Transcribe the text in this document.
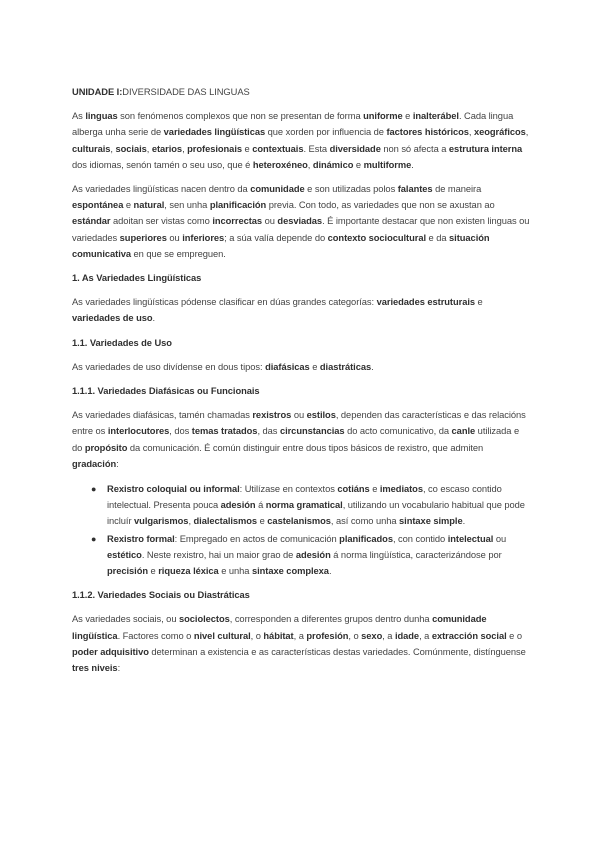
UNIDADE I:DIVERSIDADE DAS LINGUAS

As linguas son fenómenos complexos que non se presentan de forma uniforme e inalterábel. Cada lingua alberga unha serie de variedades lingüísticas que xorden por influencia de factores históricos, xeográficos, culturais, sociais, etarios, profesionais e contextuais. Esta diversidade non só afecta a estrutura interna dos idiomas, senón tamén o seu uso, que é heteroxéneo, dinámico e multiforme.

As variedades lingüísticas nacen dentro da comunidade e son utilizadas polos falantes de maneira espontánea e natural, sen unha planificación previa. Con todo, as variedades que non se axustan ao estándar adoitan ser vistas como incorrectas ou desviadas. É importante destacar que non existen linguas ou variedades superiores ou inferiores; a súa valía depende do contexto sociocultural e da situación comunicativa en que se empreguen.

1. As Variedades Lingüísticas

As variedades lingüísticas pódense clasificar en dúas grandes categorías: variedades estruturais e variedades de uso.

1.1. Variedades de Uso

As variedades de uso divídense en dous tipos: diafásicas e diastráticas.

1.1.1. Variedades Diafásicas ou Funcionais

As variedades diafásicas, tamén chamadas rexistros ou estilos, dependen das características e das relacións entre os interlocutores, dos temas tratados, das circunstancias do acto comunicativo, da canle utilizada e do propósito da comunicación. É común distinguir entre dous tipos básicos de rexistro, que admiten gradación:

● Rexistro coloquial ou informal: Utilízase en contextos cotiáns e imediatos, co escaso contido intelectual. Presenta pouca adesión á norma gramatical, utilizando un vocabulario habitual que pode incluír vulgarismos, dialectalismos e castelanismos, así como unha sintaxe simple.
● Rexistro formal: Empregado en actos de comunicación planificados, con contido intelectual ou estético. Neste rexistro, hai un maior grao de adesión á norma lingüística, caracterizándose por precisión e riqueza léxica e unha sintaxe complexa.

1.1.2. Variedades Sociais ou Diastráticas

As variedades sociais, ou sociolectos, corresponden a diferentes grupos dentro dunha comunidade lingüística. Factores como o nivel cultural, o hábitat, a profesión, o sexo, a idade, a extracción social e o poder adquisitivo determinan a existencia e as características destas variedades. Comúnmente, distínguense tres niveis:
